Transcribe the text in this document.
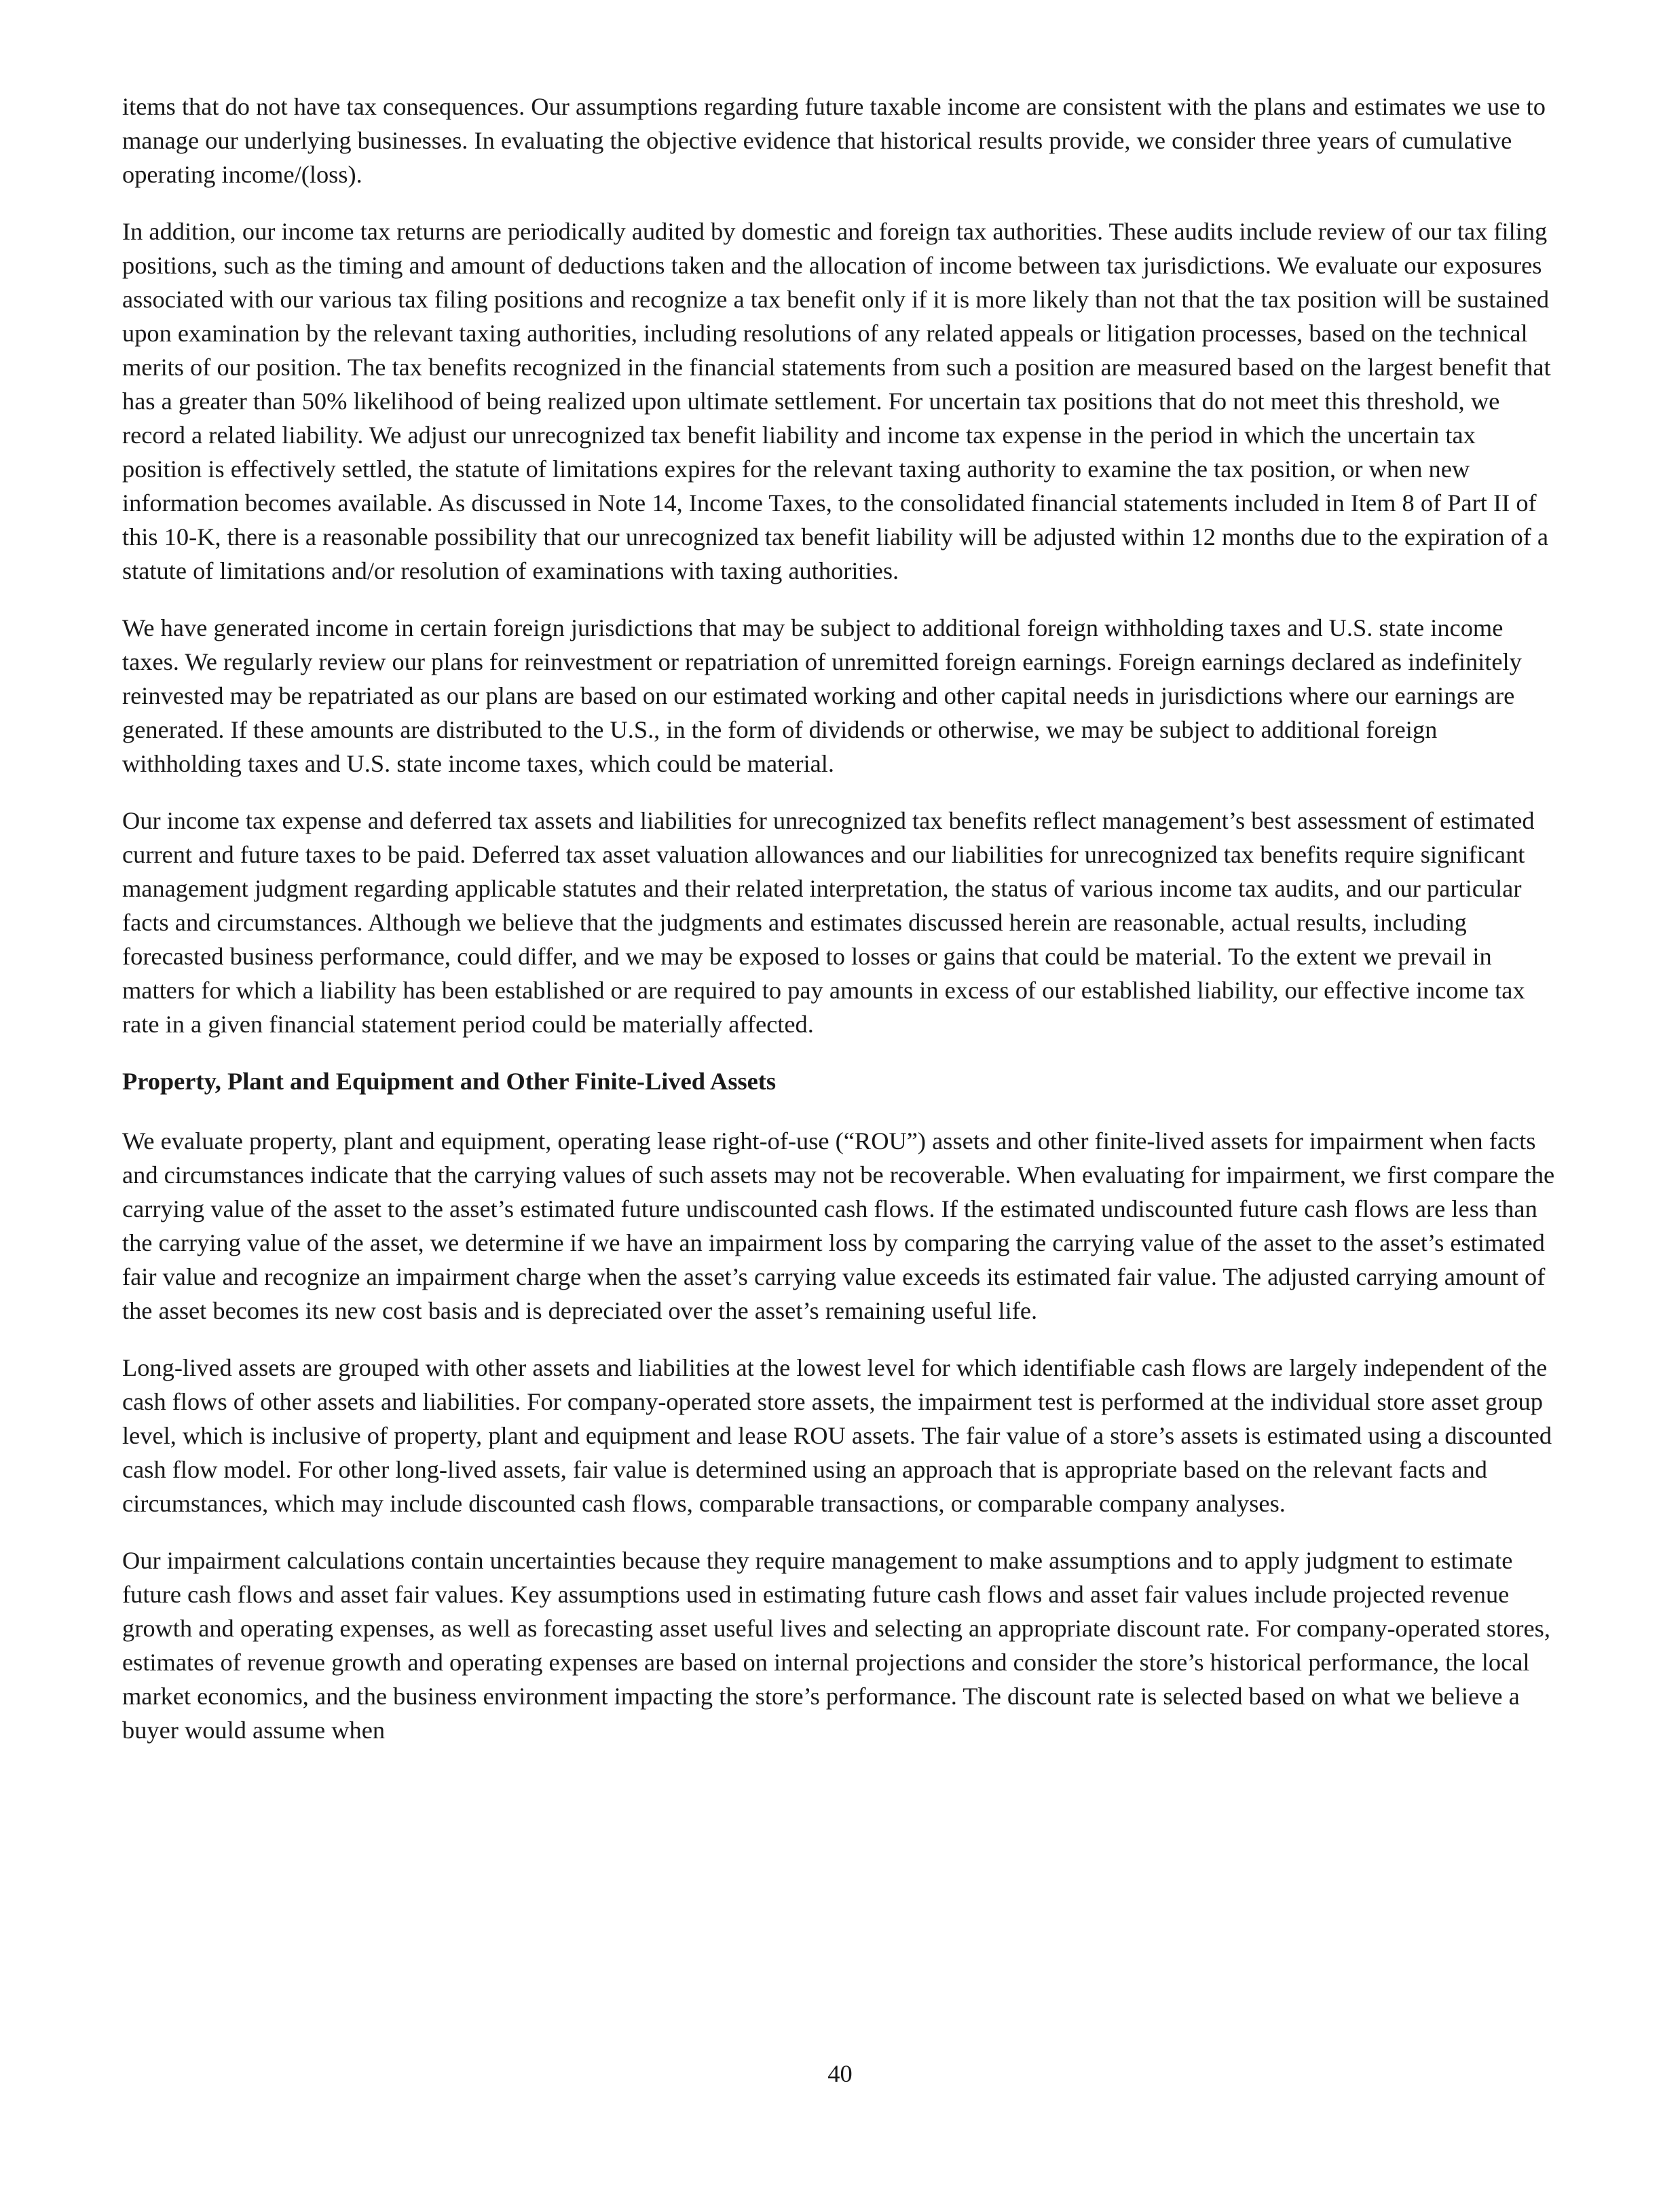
items that do not have tax consequences. Our assumptions regarding future taxable income are consistent with the plans and estimates we use to manage our underlying businesses. In evaluating the objective evidence that historical results provide, we consider three years of cumulative operating income/(loss).

In addition, our income tax returns are periodically audited by domestic and foreign tax authorities. These audits include review of our tax filing positions, such as the timing and amount of deductions taken and the allocation of income between tax jurisdictions. We evaluate our exposures associated with our various tax filing positions and recognize a tax benefit only if it is more likely than not that the tax position will be sustained upon examination by the relevant taxing authorities, including resolutions of any related appeals or litigation processes, based on the technical merits of our position. The tax benefits recognized in the financial statements from such a position are measured based on the largest benefit that has a greater than 50% likelihood of being realized upon ultimate settlement. For uncertain tax positions that do not meet this threshold, we record a related liability. We adjust our unrecognized tax benefit liability and income tax expense in the period in which the uncertain tax position is effectively settled, the statute of limitations expires for the relevant taxing authority to examine the tax position, or when new information becomes available. As discussed in Note 14, Income Taxes, to the consolidated financial statements included in Item 8 of Part II of this 10-K, there is a reasonable possibility that our unrecognized tax benefit liability will be adjusted within 12 months due to the expiration of a statute of limitations and/or resolution of examinations with taxing authorities.

We have generated income in certain foreign jurisdictions that may be subject to additional foreign withholding taxes and U.S. state income taxes. We regularly review our plans for reinvestment or repatriation of unremitted foreign earnings. Foreign earnings declared as indefinitely reinvested may be repatriated as our plans are based on our estimated working and other capital needs in jurisdictions where our earnings are generated. If these amounts are distributed to the U.S., in the form of dividends or otherwise, we may be subject to additional foreign withholding taxes and U.S. state income taxes, which could be material.

Our income tax expense and deferred tax assets and liabilities for unrecognized tax benefits reflect management’s best assessment of estimated current and future taxes to be paid. Deferred tax asset valuation allowances and our liabilities for unrecognized tax benefits require significant management judgment regarding applicable statutes and their related interpretation, the status of various income tax audits, and our particular facts and circumstances. Although we believe that the judgments and estimates discussed herein are reasonable, actual results, including forecasted business performance, could differ, and we may be exposed to losses or gains that could be material. To the extent we prevail in matters for which a liability has been established or are required to pay amounts in excess of our established liability, our effective income tax rate in a given financial statement period could be materially affected.

Property, Plant and Equipment and Other Finite-Lived Assets

We evaluate property, plant and equipment, operating lease right-of-use (“ROU”) assets and other finite-lived assets for impairment when facts and circumstances indicate that the carrying values of such assets may not be recoverable. When evaluating for impairment, we first compare the carrying value of the asset to the asset’s estimated future undiscounted cash flows. If the estimated undiscounted future cash flows are less than the carrying value of the asset, we determine if we have an impairment loss by comparing the carrying value of the asset to the asset’s estimated fair value and recognize an impairment charge when the asset’s carrying value exceeds its estimated fair value. The adjusted carrying amount of the asset becomes its new cost basis and is depreciated over the asset’s remaining useful life.

Long-lived assets are grouped with other assets and liabilities at the lowest level for which identifiable cash flows are largely independent of the cash flows of other assets and liabilities. For company-operated store assets, the impairment test is performed at the individual store asset group level, which is inclusive of property, plant and equipment and lease ROU assets. The fair value of a store’s assets is estimated using a discounted cash flow model. For other long-lived assets, fair value is determined using an approach that is appropriate based on the relevant facts and circumstances, which may include discounted cash flows, comparable transactions, or comparable company analyses.

Our impairment calculations contain uncertainties because they require management to make assumptions and to apply judgment to estimate future cash flows and asset fair values. Key assumptions used in estimating future cash flows and asset fair values include projected revenue growth and operating expenses, as well as forecasting asset useful lives and selecting an appropriate discount rate. For company-operated stores, estimates of revenue growth and operating expenses are based on internal projections and consider the store’s historical performance, the local market economics, and the business environment impacting the store’s performance. The discount rate is selected based on what we believe a buyer would assume when

40
